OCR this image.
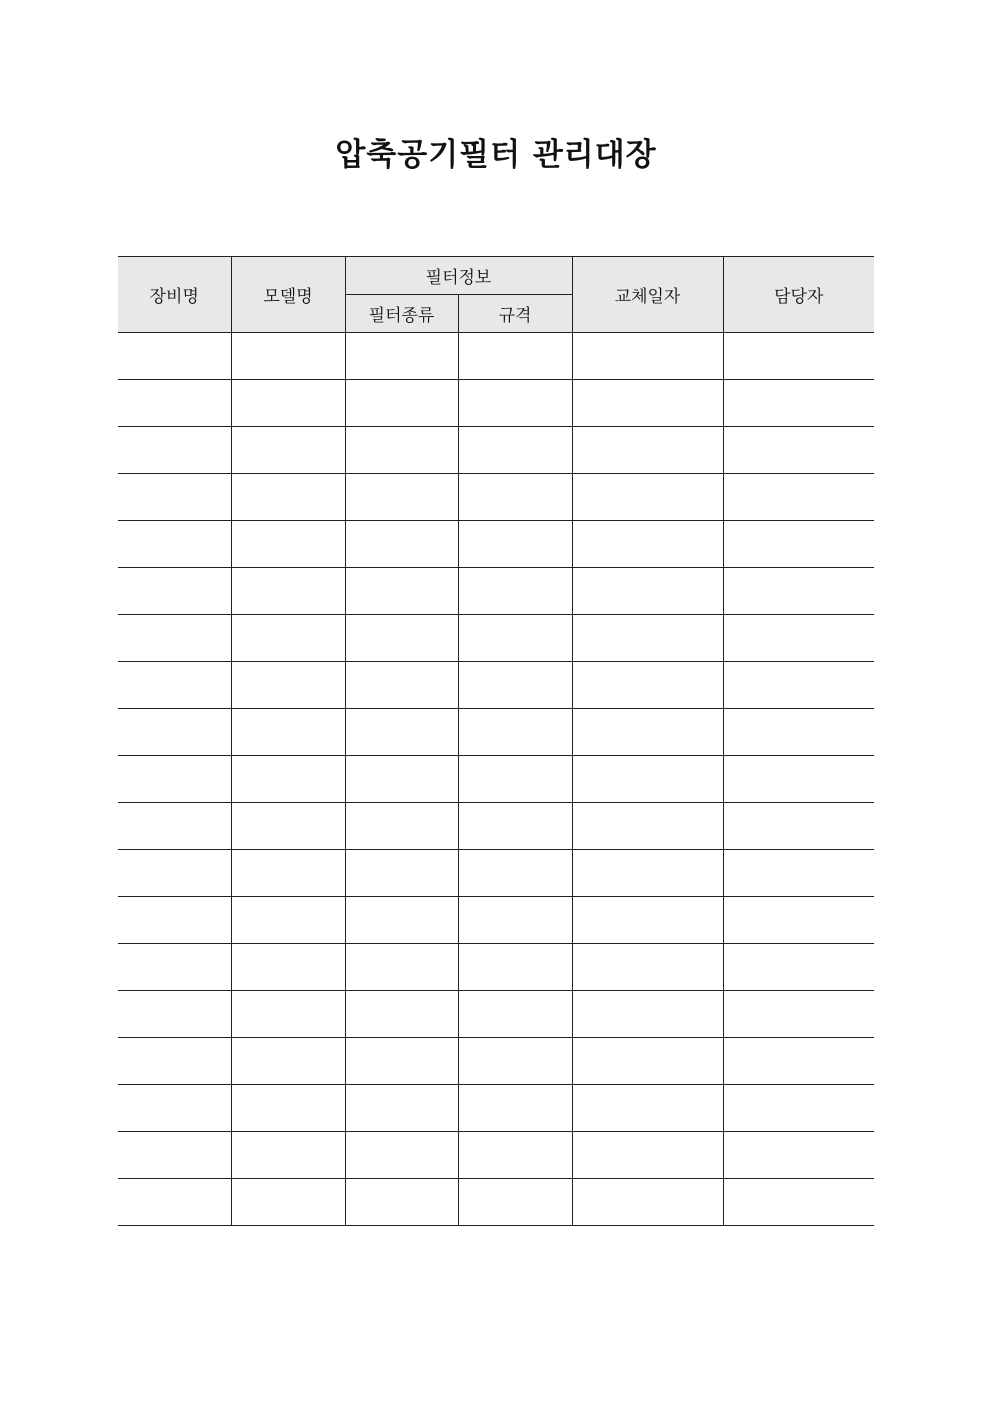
압축공기필터 관리대장
장비명	모델명	필터정보		교체일자	담당자
		필터종류	규격		
